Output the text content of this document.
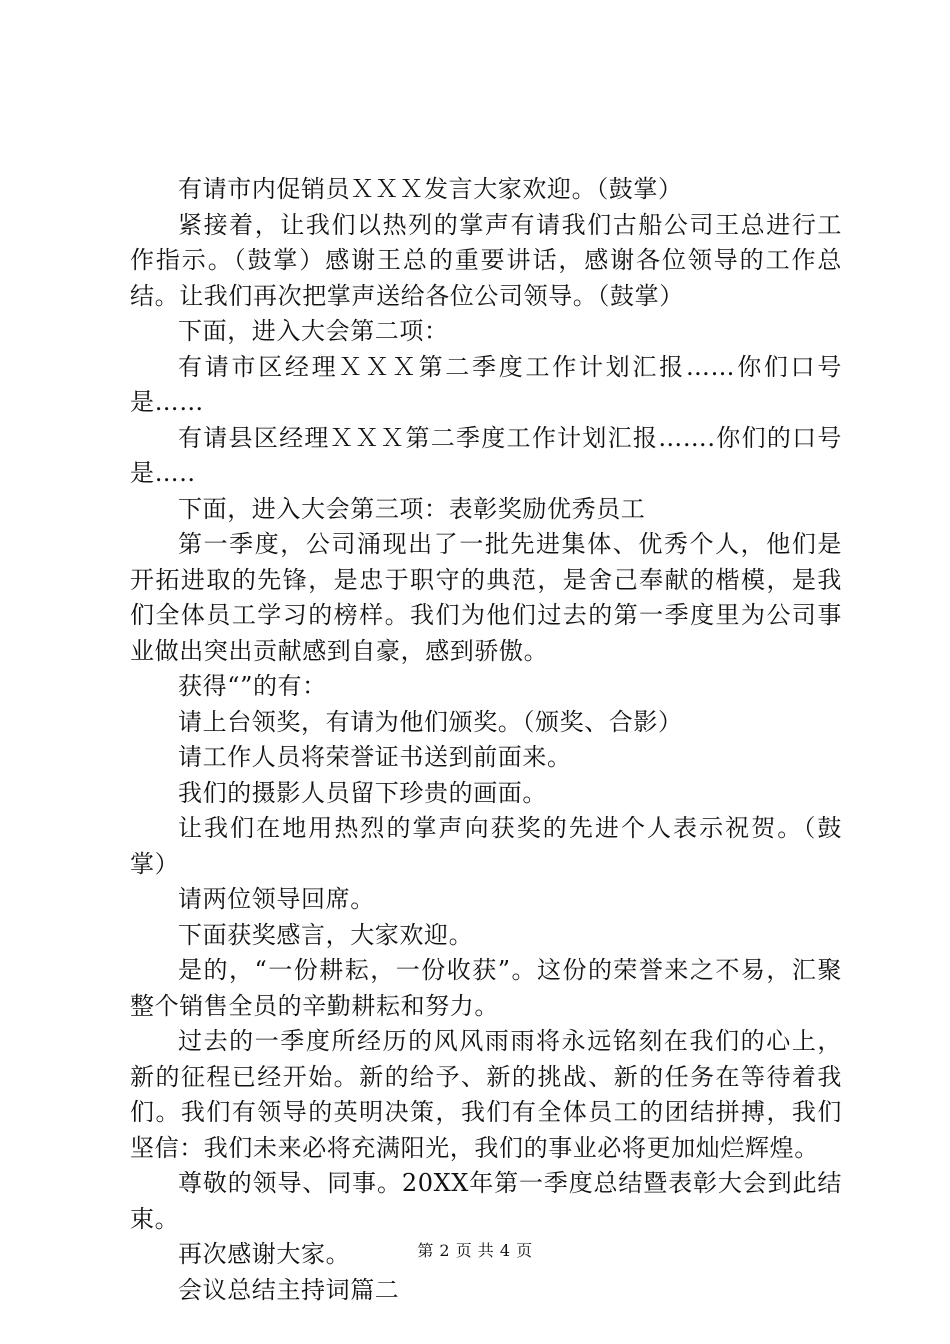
有请市内促销员ＸＸＸ发言大家欢迎。（鼓掌）

紧接着，让我们以热列的掌声有请我们古船公司王总进行工作指示。（鼓掌）感谢王总的重要讲话，感谢各位领导的工作总结。让我们再次把掌声送给各位公司领导。（鼓掌）

下面，进入大会第二项：

有请市区经理ＸＸＸ第二季度工作计划汇报……你们口号是……

有请县区经理ＸＸＸ第二季度工作计划汇报…….你们的口号是…..

下面，进入大会第三项：表彰奖励优秀员工

第一季度，公司涌现出了一批先进集体、优秀个人，他们是开拓进取的先锋，是忠于职守的典范，是舍己奉献的楷模，是我们全体员工学习的榜样。我们为他们过去的第一季度里为公司事业做出突出贡献感到自豪，感到骄傲。

获得“”的有：

请上台领奖，有请为他们颁奖。（颁奖、合影）

请工作人员将荣誉证书送到前面来。

我们的摄影人员留下珍贵的画面。

让我们在地用热烈的掌声向获奖的先进个人表示祝贺。（鼓掌）

请两位领导回席。

下面获奖感言，大家欢迎。

是的，“一份耕耘，一份收获”。这份的荣誉来之不易，汇聚整个销售全员的辛勤耕耘和努力。

过去的一季度所经历的风风雨雨将永远铭刻在我们的心上，新的征程已经开始。新的给予、新的挑战、新的任务在等待着我们。我们有领导的英明决策，我们有全体员工的团结拼搏，我们坚信：我们未来必将充满阳光，我们的事业必将更加灿烂辉煌。

尊敬的领导、同事。20XX年第一季度总结暨表彰大会到此结束。

再次感谢大家。

会议总结主持词篇二

第 2 页 共 4 页
